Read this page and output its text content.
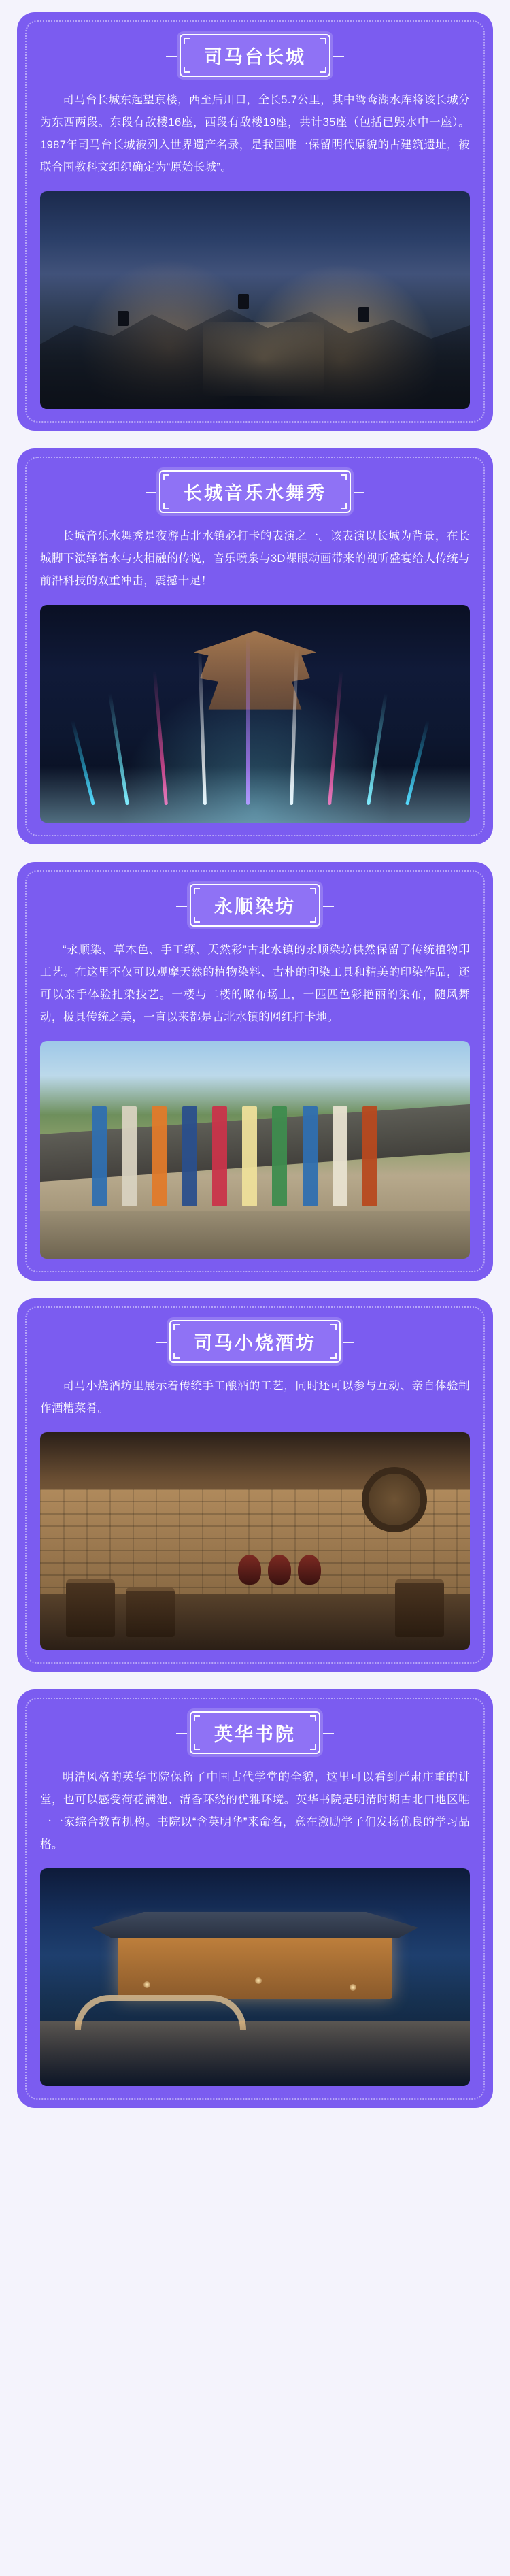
司马台长城
司马台长城东起望京楼，西至后川口，全长5.7公里，其中鸳鸯湖水库将该长城分为东西两段。东段有敌楼16座，西段有敌楼19座，共计35座（包括已毁水中一座）。1987年司马台长城被列入世界遗产名录，是我国唯一保留明代原貌的古建筑遗址，被联合国教科文组织确定为“原始长城”。
长城音乐水舞秀
长城音乐水舞秀是夜游古北水镇必打卡的表演之一。该表演以长城为背景，在长城脚下演绎着水与火相融的传说，音乐喷泉与3D裸眼动画带来的视听盛宴给人传统与前沿科技的双重冲击，震撼十足！
永顺染坊
“永顺染、草木色、手工缬、天然彩”古北水镇的永顺染坊供然保留了传统植物印工艺。在这里不仅可以观摩天然的植物染料、古朴的印染工具和精美的印染作品，还可以亲手体验扎染技艺。一楼与二楼的晾布场上，一匹匹色彩艳丽的染布，随风舞动，极具传统之美，一直以来都是古北水镇的网红打卡地。
司马小烧酒坊
司马小烧酒坊里展示着传统手工酿酒的工艺，同时还可以参与互动、亲自体验制作酒糟菜肴。
英华书院
明清风格的英华书院保留了中国古代学堂的全貌，这里可以看到严肃庄重的讲堂，也可以感受荷花满池、清香环绕的优雅环境。英华书院是明清时期古北口地区唯一一家综合教育机构。书院以“含英明华”来命名，意在激励学子们发扬优良的学习品格。
